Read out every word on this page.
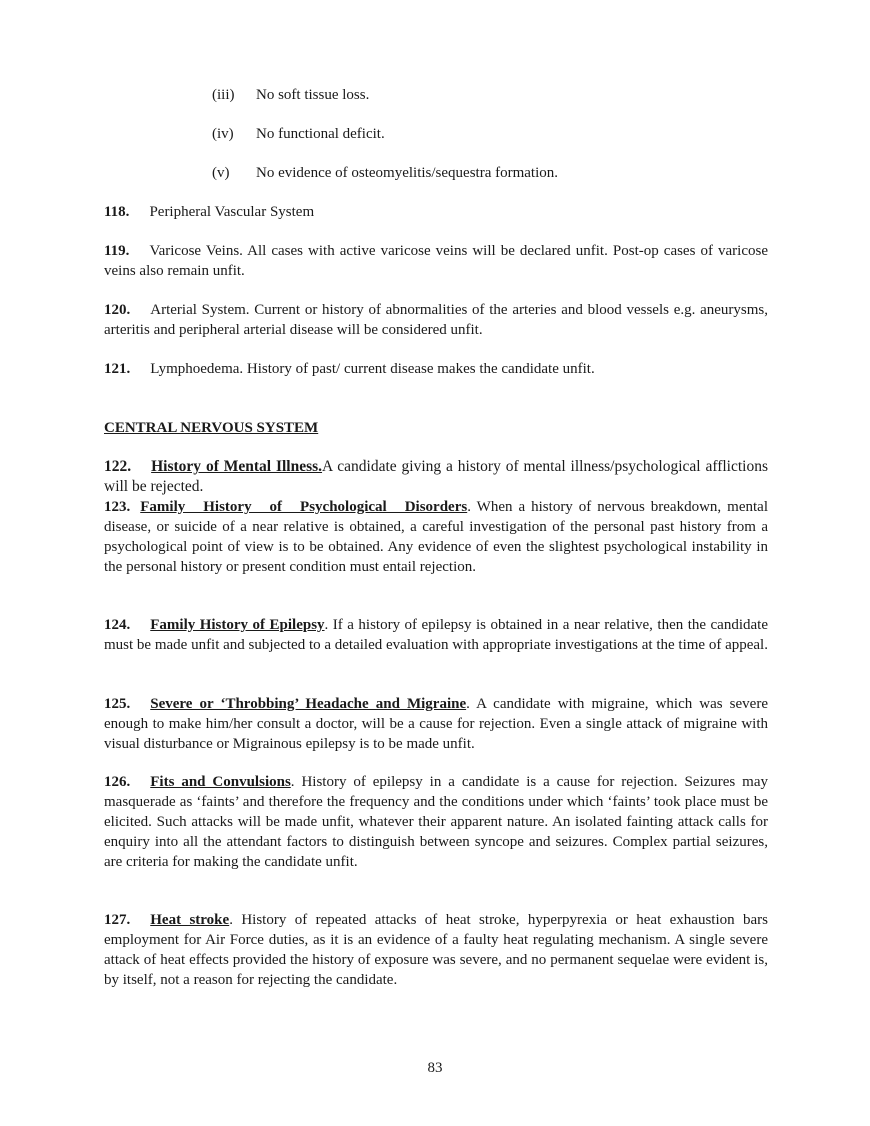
(iii) No soft tissue loss.
(iv) No functional deficit.
(v) No evidence of osteomyelitis/sequestra formation.
118. Peripheral Vascular System
119. Varicose Veins. All cases with active varicose veins will be declared unfit. Post-op cases of varicose veins also remain unfit.
120. Arterial System. Current or history of abnormalities of the arteries and blood vessels e.g. aneurysms, arteritis and peripheral arterial disease will be considered unfit.
121. Lymphoedema. History of past/ current disease makes the candidate unfit.
CENTRAL NERVOUS SYSTEM
122. History of Mental Illness.A candidate giving a history of mental illness/psychological afflictions will be rejected.
123. Family History of Psychological Disorders. When a history of nervous breakdown, mental disease, or suicide of a near relative is obtained, a careful investigation of the personal past history from a psychological point of view is to be obtained. Any evidence of even the slightest psychological instability in the personal history or present condition must entail rejection.
124. Family History of Epilepsy. If a history of epilepsy is obtained in a near relative, then the candidate must be made unfit and subjected to a detailed evaluation with appropriate investigations at the time of appeal.
125. Severe or ‘Throbbing’ Headache and Migraine. A candidate with migraine, which was severe enough to make him/her consult a doctor, will be a cause for rejection. Even a single attack of migraine with visual disturbance or Migrainous epilepsy is to be made unfit.
126. Fits and Convulsions. History of epilepsy in a candidate is a cause for rejection. Seizures may masquerade as ‘faints’ and therefore the frequency and the conditions under which ‘faints’ took place must be elicited. Such attacks will be made unfit, whatever their apparent nature. An isolated fainting attack calls for enquiry into all the attendant factors to distinguish between syncope and seizures. Complex partial seizures, are criteria for making the candidate unfit.
127. Heat stroke. History of repeated attacks of heat stroke, hyperpyrexia or heat exhaustion bars employment for Air Force duties, as it is an evidence of a faulty heat regulating mechanism. A single severe attack of heat effects provided the history of exposure was severe, and no permanent sequelae were evident is, by itself, not a reason for rejecting the candidate.
83
